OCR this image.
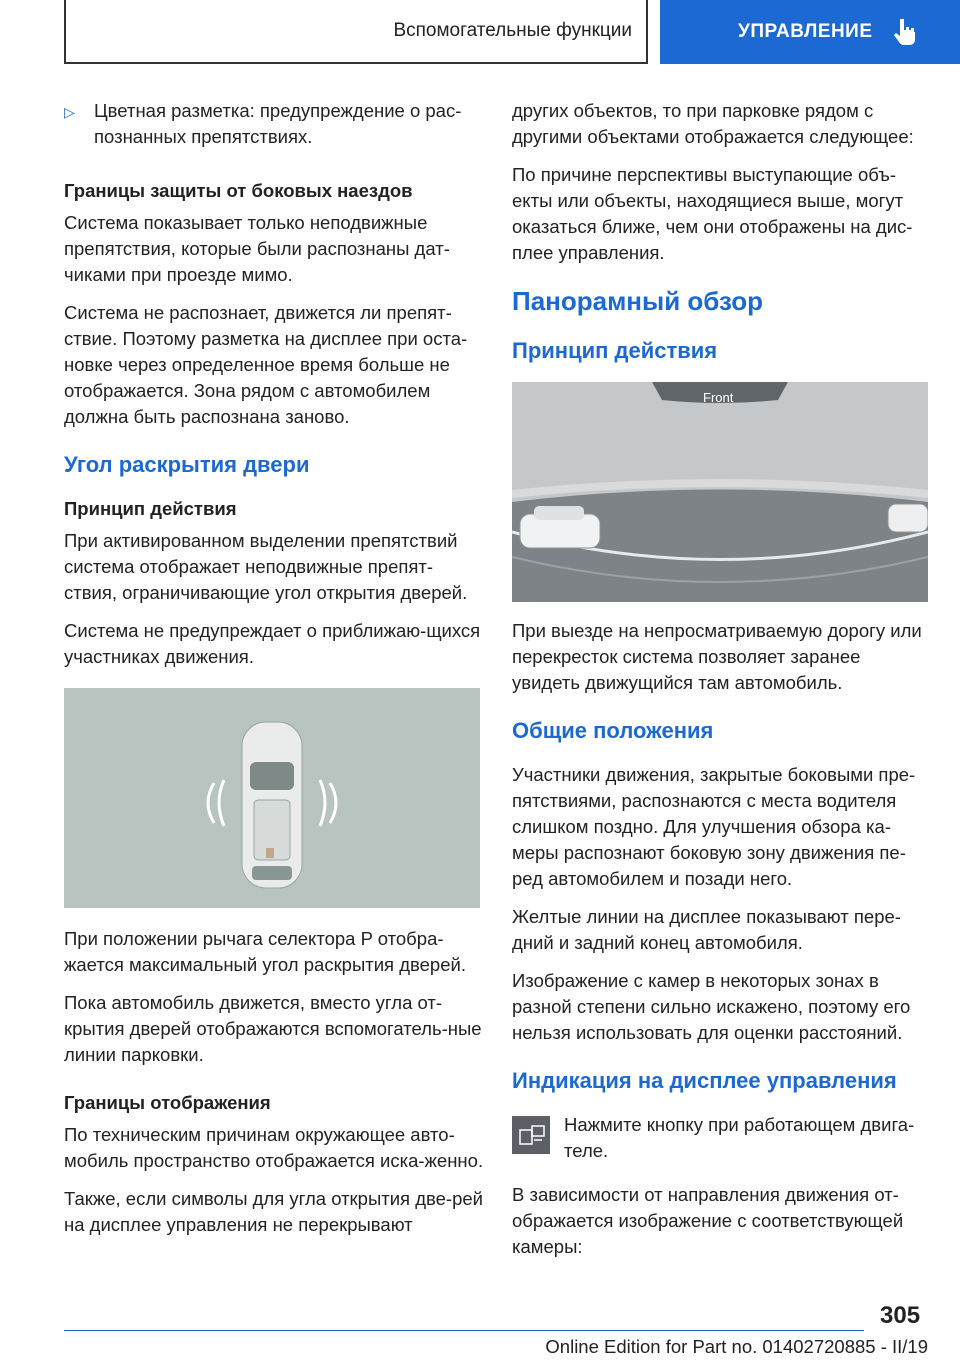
Вспомогательные функции	УПРАВЛЕНИЕ
▷	Цветная разметка: предупреждение о рас-познанных препятствиях.
Границы защиты от боковых наездов

Система показывает только неподвижные препятствия, которые были распознаны дат-чиками при проезде мимо.

Система не распознает, движется ли препят-ствие. Поэтому разметка на дисплее при оста-новке через определенное время больше не отображается. Зона рядом с автомобилем должна быть распознана заново.

Угол раскрытия двери
Принцип действия

При активированном выделении препятствий система отображает неподвижные препят-ствия, ограничивающие угол открытия дверей.

Система не предупреждает о приближаю-щихся участниках движения.

При положении рычага селектора P отобра-жается максимальный угол раскрытия дверей.

Пока автомобиль движется, вместо угла от-крытия дверей отображаются вспомогатель-ные линии парковки.

Границы отображения

По техническим причинам окружающее авто-мобиль пространство отображается иска-женно.

Также, если символы для угла открытия две-рей на дисплее управления не перекрывают

других объектов, то при парковке рядом с другими объектами отображается следующее:

По причине перспективы выступающие объ-екты или объекты, находящиеся выше, могут оказаться ближе, чем они отображены на дис-плее управления.

Панорамный обзор
Принцип действия
Front

При выезде на непросматриваемую дорогу или перекресток система позволяет заранее увидеть движущийся там автомобиль.

Общие положения

Участники движения, закрытые боковыми пре-пятствиями, распознаются с места водителя слишком поздно. Для улучшения обзора ка-меры распознают боковую зону движения пе-ред автомобилем и позади него.

Желтые линии на дисплее показывают пере-дний и задний конец автомобиля.

Изображение с камер в некоторых зонах в разной степени сильно искажено, поэтому его нельзя использовать для оценки расстояний.

Индикация на дисплее управления
Нажмите кнопку при работающем двига-теле.

В зависимости от направления движения от-ображается изображение с соответствующей камеры:

305
Online Edition for Part no. 01402720885 - II/19
